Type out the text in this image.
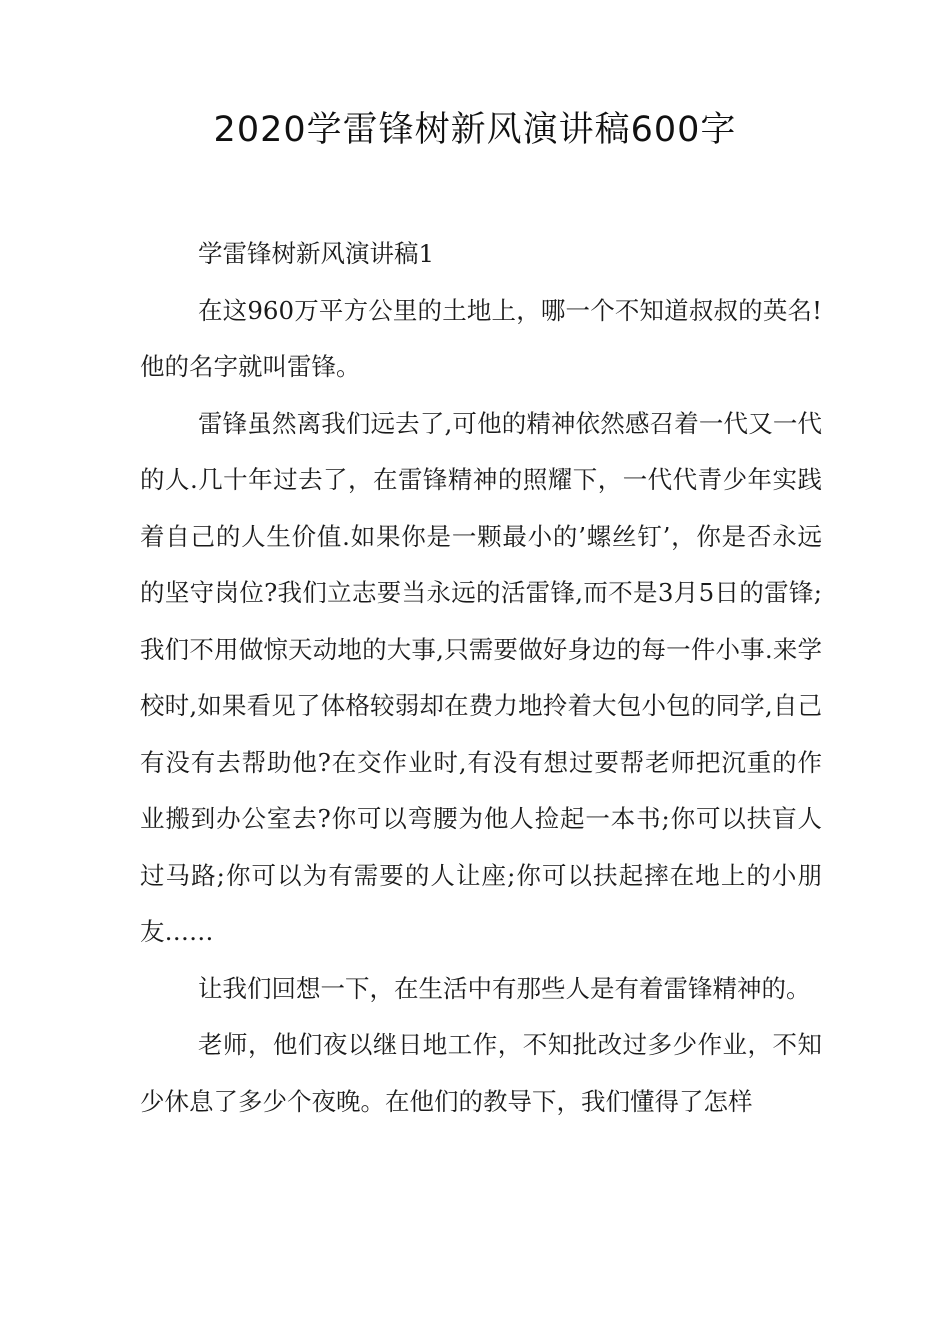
2020学雷锋树新风演讲稿600字

学雷锋树新风演讲稿1

在这960万平方公里的土地上，哪一个不知道叔叔的英名!他的名字就叫雷锋。

雷锋虽然离我们远去了,可他的精神依然感召着一代又一代的人.几十年过去了，在雷锋精神的照耀下，一代代青少年实践着自己的人生价值.如果你是一颗最小的’螺丝钉’，你是否永远的坚守岗位?我们立志要当永远的活雷锋,而不是3月5日的雷锋;我们不用做惊天动地的大事,只需要做好身边的每一件小事.来学校时,如果看见了体格较弱却在费力地拎着大包小包的同学,自己有没有去帮助他?在交作业时,有没有想过要帮老师把沉重的作业搬到办公室去?你可以弯腰为他人捡起一本书;你可以扶盲人过马路;你可以为有需要的人让座;你可以扶起摔在地上的小朋友……

让我们回想一下，在生活中有那些人是有着雷锋精神的。

老师，他们夜以继日地工作，不知批改过多少作业，不知少休息了多少个夜晚。在他们的教导下，我们懂得了怎样
